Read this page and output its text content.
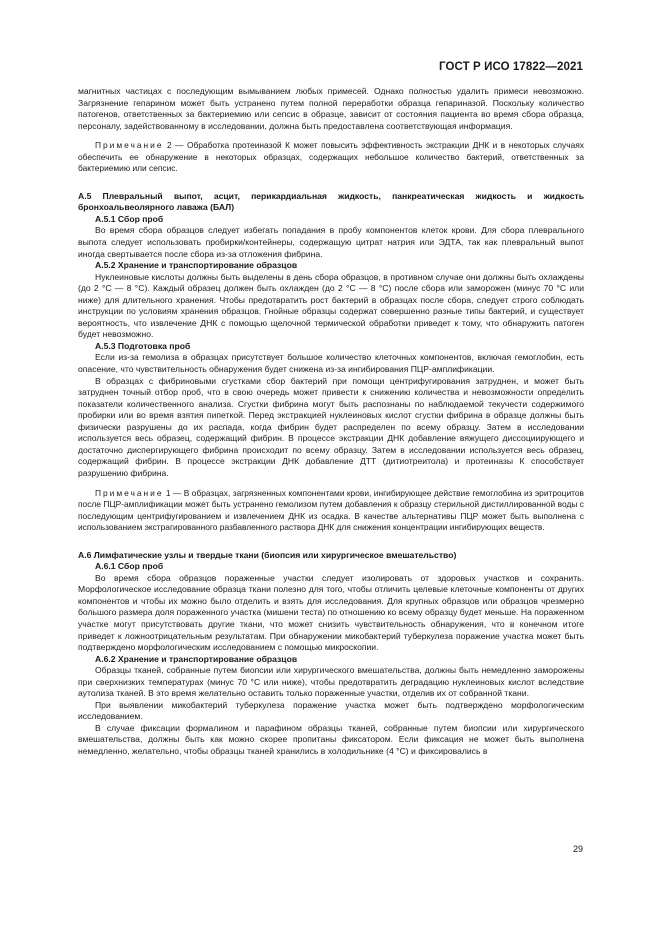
ГОСТ Р ИСО 17822—2021

магнитных частицах с последующим вымыванием любых примесей. Однако полностью удалить примеси невозможно. Загрязнение гепарином может быть устранено путем полной переработки образца гепариназой. Поскольку количество патогенов, ответственных за бактериемию или сепсис в образце, зависит от состояния пациента во время сбора образца, персоналу, задействованному в исследовании, должна быть предоставлена соответствующая информация.

Примечание 2 — Обработка протеиназой К может повысить эффективность экстракции ДНК и в некоторых случаях обеспечить ее обнаружение в некоторых образцах, содержащих небольшое количество бактерий, ответственных за бактериемию или сепсис.

А.5 Плевральный выпот, асцит, перикардиальная жидкость, панкреатическая жидкость и жидкость бронхоальвеолярного лаважа (БАЛ)

А.5.1 Сбор проб

Во время сбора образцов следует избегать попадания в пробу компонентов клеток крови. Для сбора плеврального выпота следует использовать пробирки/контейнеры, содержащую цитрат натрия или ЭДТА, так как плевральный выпот иногда свертывается после сбора из-за отложения фибрина.

А.5.2 Хранение и транспортирование образцов

Нуклеиновые кислоты должны быть выделены в день сбора образцов, в противном случае они должны быть охлаждены (до 2 °С — 8 °С). Каждый образец должен быть охлажден (до 2 °С — 8 °С) после сбора или заморожен (минус 70 °С или ниже) для длительного хранения. Чтобы предотвратить рост бактерий в образцах после сбора, следует строго соблюдать инструкции по условиям хранения образцов. Гнойные образцы содержат совершенно разные типы бактерий, и существует вероятность, что извлечение ДНК с помощью щелочной термической обработки приведет к тому, что обнаружить патоген будет невозможно.

А.5.3 Подготовка проб

Если из-за гемолиза в образцах присутствует большое количество клеточных компонентов, включая гемоглобин, есть опасение, что чувствительность обнаружения будет снижена из-за ингибирования ПЦР-амплификации.

В образцах с фибриновыми сгустками сбор бактерий при помощи центрифугирования затруднен, и может быть затруднен точный отбор проб, что в свою очередь может привести к снижению количества и невозможности определить показатели количественного анализа. Сгустки фибрина могут быть распознаны по наблюдаемой текучести содержимого пробирки или во время взятия пипеткой. Перед экстракцией нуклеиновых кислот сгустки фибрина в образце должны быть физически разрушены до их распада, когда фибрин будет распределен по всему образцу. Затем в исследовании используется весь образец, содержащий фибрин. В процессе экстракции ДНК добавление вяжущего диссоциирующего и достаточно диспергирующего фибрина происходит по всему образцу. Затем в исследовании используется весь образец, содержащий фибрин. В процессе экстракции ДНК добавление ДТТ (дитиотреитола) и протеиназы К способствует разрушению фибрина.

Примечание 1 — В образцах, загрязненных компонентами крови, ингибирующее действие гемоглобина из эритроцитов после ПЦР-амплификации может быть устранено гемолизом путем добавления к образцу стерильной дистиллированной воды с последующим центрифугированием и извлечением ДНК из осадка. В качестве альтернативы ПЦР может быть выполнена с использованием экстрагированного разбавленного раствора ДНК для снижения концентрации ингибирующих веществ.

А.6 Лимфатические узлы и твердые ткани (биопсия или хирургическое вмешательство)

А.6.1 Сбор проб

Во время сбора образцов пораженные участки следует изолировать от здоровых участков и сохранить. Морфологическое исследование образца ткани полезно для того, чтобы отличить целевые клеточные компоненты от других компонентов и чтобы их можно было отделить и взять для исследования. Для крупных образцов или образцов чрезмерно большого размера доля пораженного участка (мишени теста) по отношению ко всему образцу будет меньше. На пораженном участке могут присутствовать другие ткани, что может снизить чувствительность обнаружения, что в конечном итоге приведет к ложноотрицательным результатам. При обнаружении микобактерий туберкулеза поражение участка может быть подтверждено морфологическим исследованием с помощью микроскопии.

А.6.2 Хранение и транспортирование образцов

Образцы тканей, собранные путем биопсии или хирургического вмешательства, должны быть немедленно заморожены при сверхнизких температурах (минус 70 °С или ниже), чтобы предотвратить деградацию нуклеиновых кислот вследствие аутолиза тканей. В это время желательно оставить только пораженные участки, отделив их от собранной ткани.

При выявлении микобактерий туберкулеза поражение участка может быть подтверждено морфологическим исследованием.

В случае фиксации формалином и парафином образцы тканей, собранные путем биопсии или хирургического вмешательства, должны быть как можно скорее пропитаны фиксатором. Если фиксация не может быть выполнена немедленно, желательно, чтобы образцы тканей хранились в холодильнике (4 °С) и фиксировались в

29
